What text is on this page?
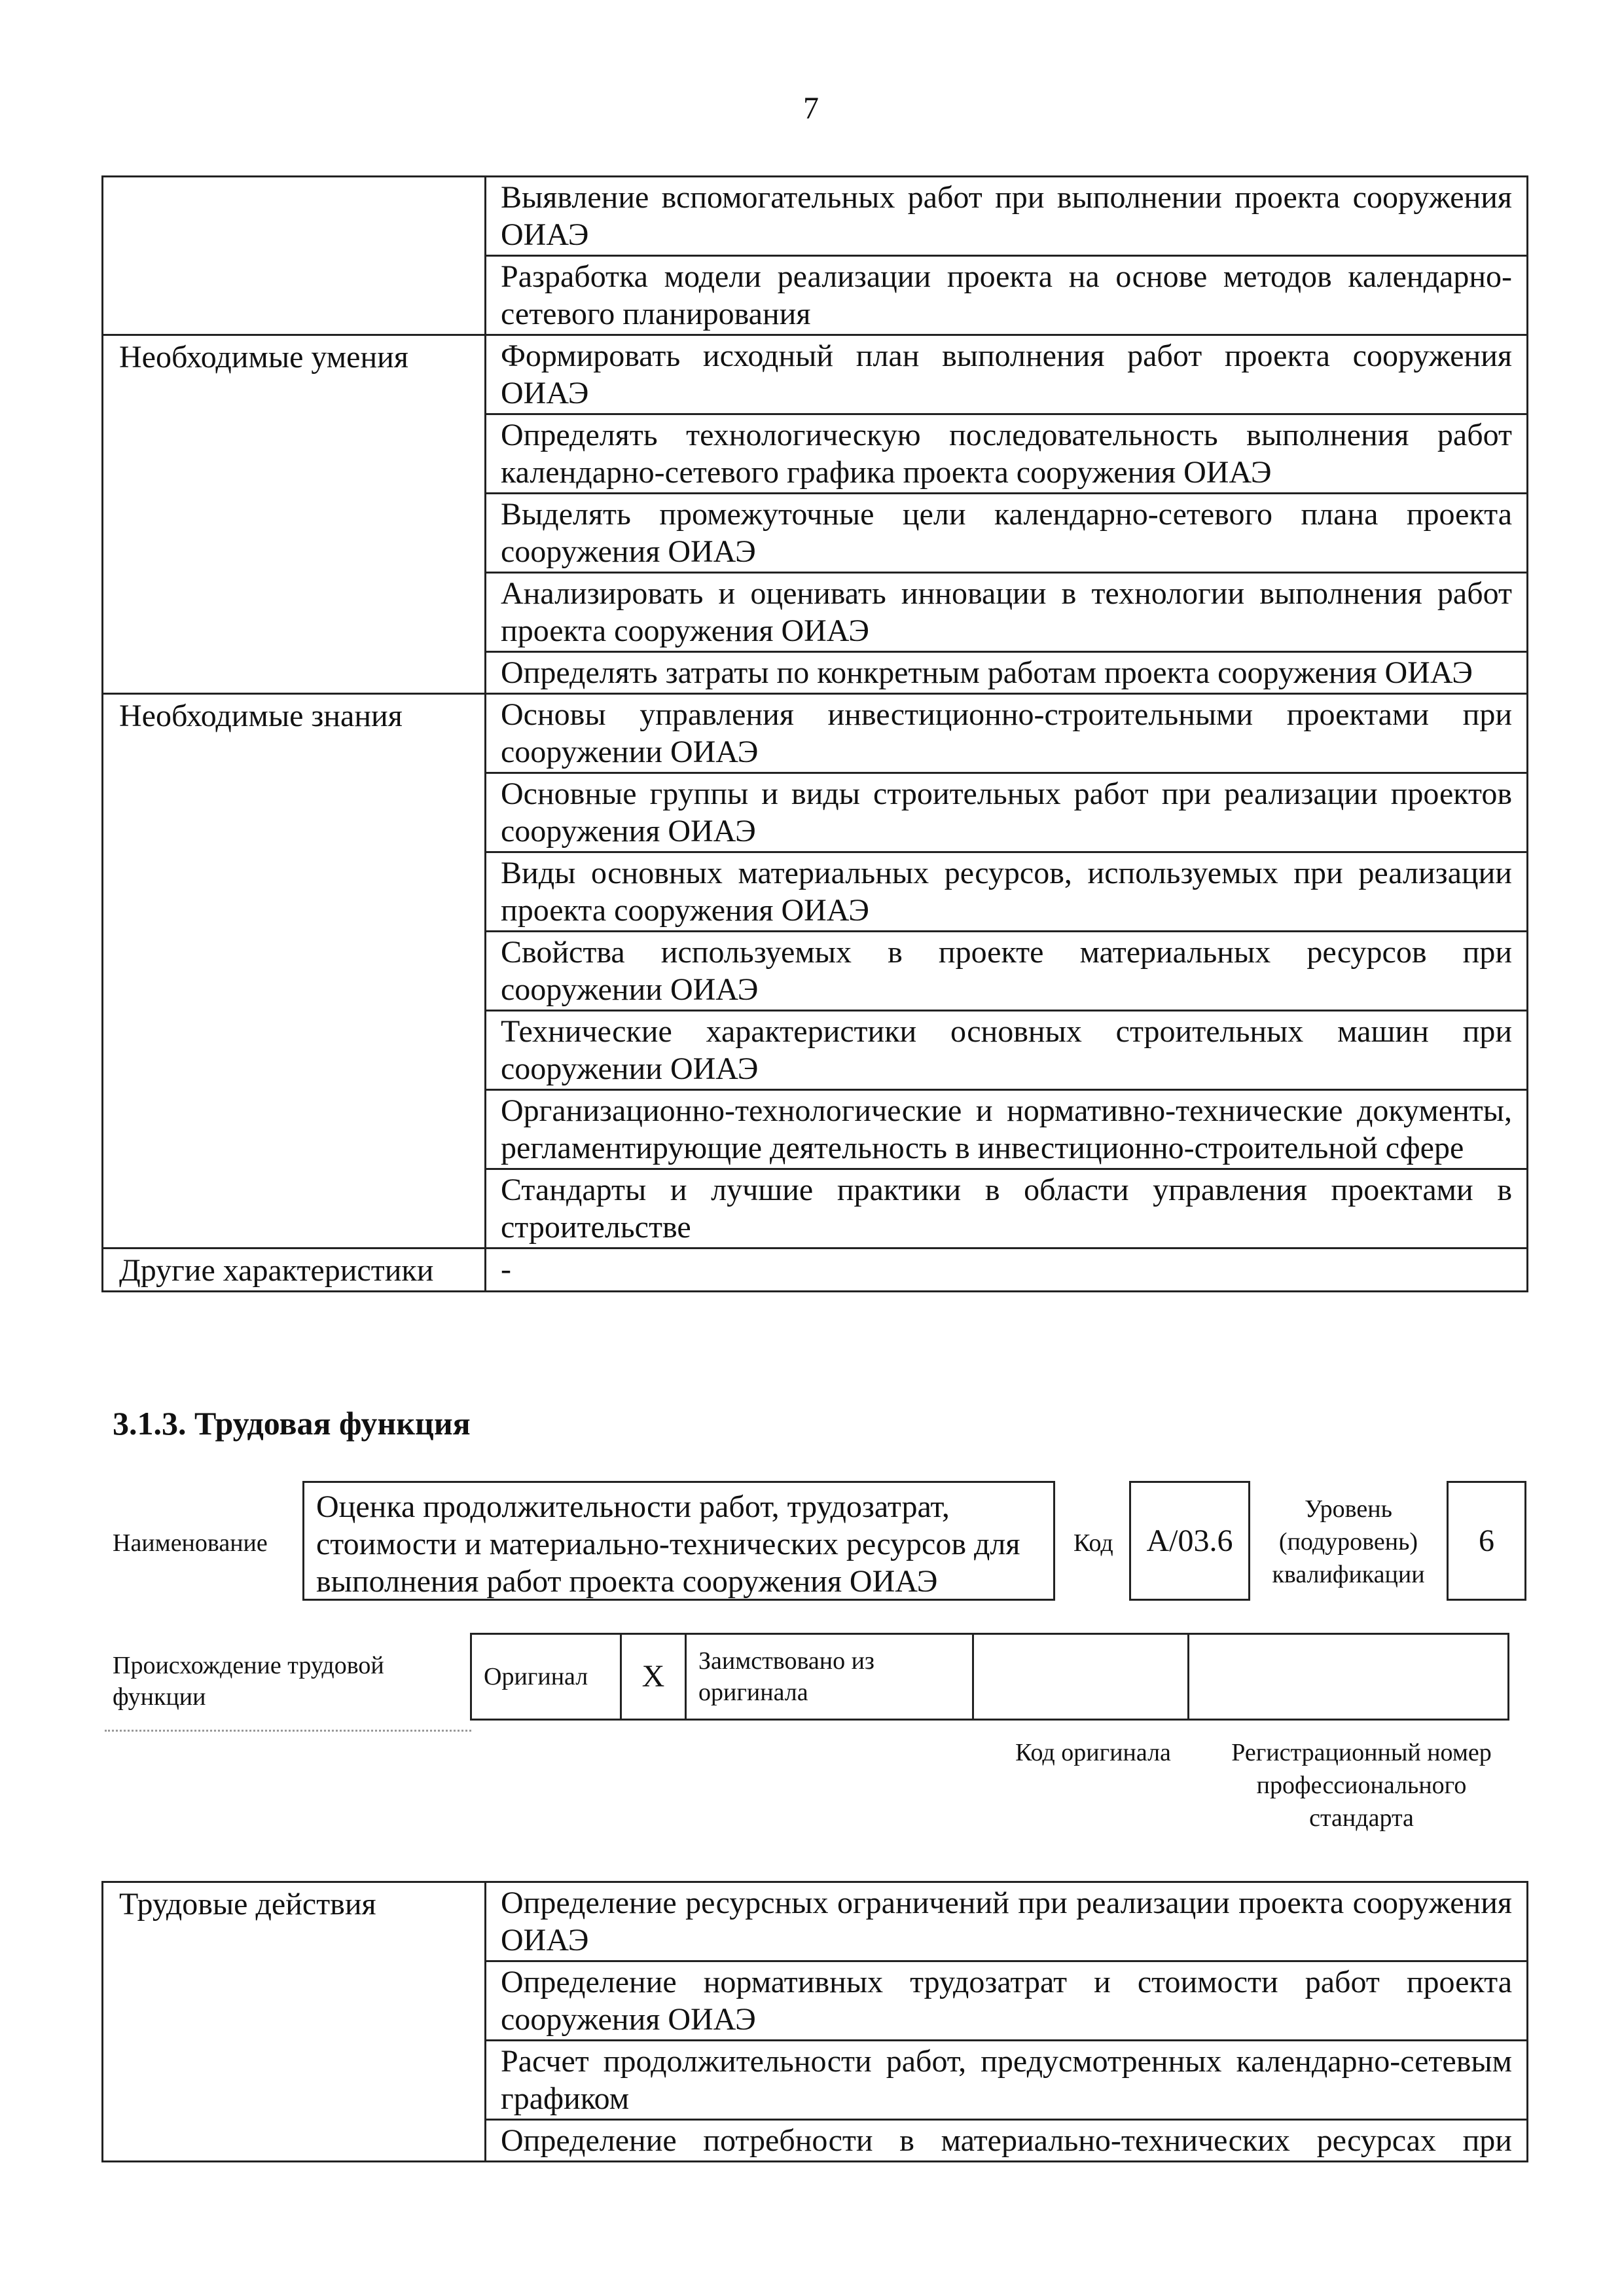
7
	Выявление вспомогательных работ при выполнении проекта сооружения ОИАЭ
	Разработка модели реализации проекта на основе методов календарно-сетевого планирования
Необходимые умения	Формировать исходный план выполнения работ проекта сооружения ОИАЭ
	Определять технологическую последовательность выполнения работ календарно-сетевого графика проекта сооружения ОИАЭ
	Выделять промежуточные цели календарно-сетевого плана проекта сооружения ОИАЭ
	Анализировать и оценивать инновации в технологии выполнения работ проекта сооружения ОИАЭ
	Определять затраты по конкретным работам проекта сооружения ОИАЭ
Необходимые знания	Основы управления инвестиционно-строительными проектами при сооружении ОИАЭ
	Основные группы и виды строительных работ при реализации проектов сооружения ОИАЭ
	Виды основных материальных ресурсов, используемых при реализации проекта сооружения ОИАЭ
	Свойства используемых в проекте материальных ресурсов при сооружении ОИАЭ
	Технические характеристики основных строительных машин при сооружении ОИАЭ
	Организационно-технологические и нормативно-технические документы, регламентирующие деятельность в инвестиционно-строительной сфере
	Стандарты и лучшие практики в области управления проектами в строительстве
Другие характеристики	-
3.1.3. Трудовая функция
Наименование
Оценка продолжительности работ, трудозатрат, стоимости и материально-технических ресурсов для выполнения работ проекта сооружения ОИАЭ
Код	A/03.6
Уровень (подуровень) квалификации
6
Происхождение трудовой функции
Оригинал	X	Заимствовано из оригинала		
Код оригинала	Регистрационный номер профессионального стандарта
Трудовые действия	Определение ресурсных ограничений при реализации проекта сооружения ОИАЭ
	Определение нормативных трудозатрат и стоимости работ проекта сооружения ОИАЭ
	Расчет продолжительности работ, предусмотренных календарно-сетевым графиком
	Определение потребности в материально-технических ресурсах при
